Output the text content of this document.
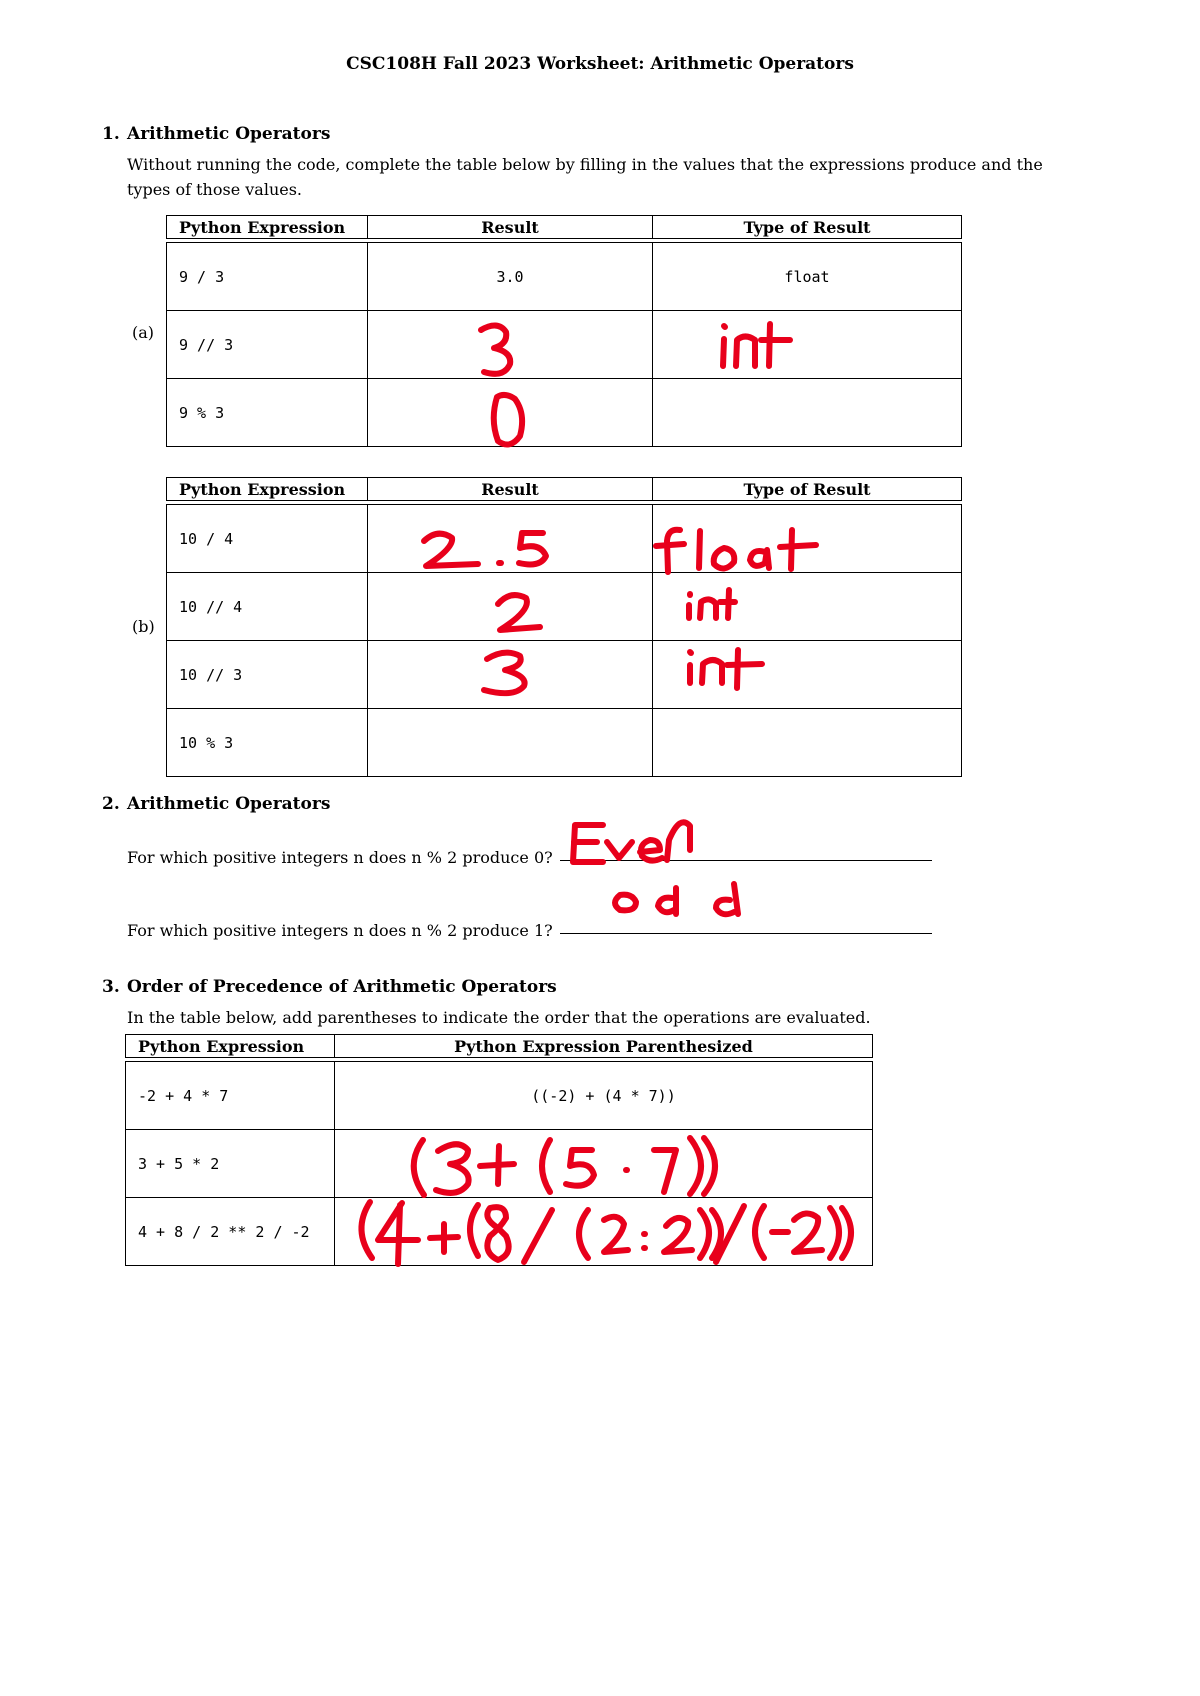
CSC108H Fall 2023 Worksheet: Arithmetic Operators
1. Arithmetic Operators
Without running the code, complete the table below by filling in the values that the expressions produce and the types of those values.
(a)
Python Expression	Result	Type of Result
9 / 3	3.0	float
9 // 3		
9 % 3		
(b)
Python Expression	Result	Type of Result
10 / 4		
10 // 4		
10 // 3		
10 % 3		
2. Arithmetic Operators
For which positive integers n does n % 2 produce 0?
For which positive integers n does n % 2 produce 1?
3. Order of Precedence of Arithmetic Operators
In the table below, add parentheses to indicate the order that the operations are evaluated.
Python Expression	Python Expression Parenthesized
-2 + 4 * 7	((-2) + (4 * 7))
3 + 5 * 2	
4 + 8 / 2 ** 2 / -2	
